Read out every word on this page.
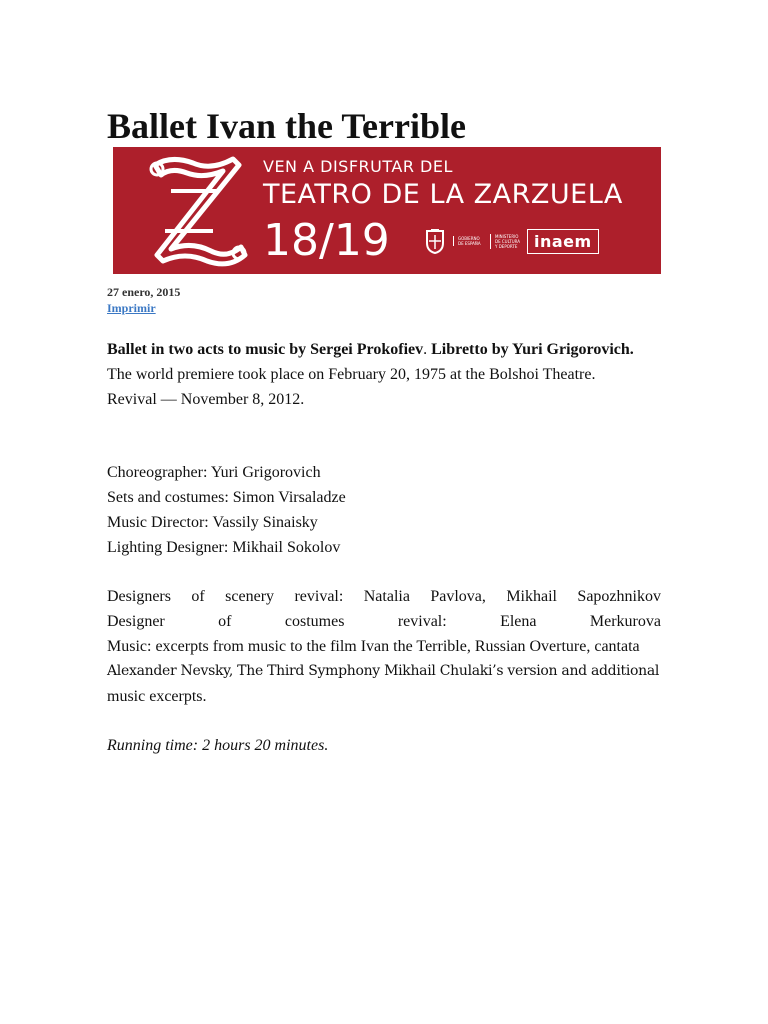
Ballet Ivan the Terrible
VEN A DISFRUTAR DEL
TEATRO DE LA ZARZUELA
18/19	GOBIERNO DE ESPAÑA
MINISTERIO DE CULTURA Y DEPORTE	inaem
27 enero, 2015
Imprimir

Ballet in two acts to music by Sergei Prokofiev. Libretto by Yuri Grigorovich.
The world premiere took place on February 20, 1975 at the Bolshoi Theatre.
Revival — November 8, 2012.

Choreographer: Yuri Grigorovich
Sets and costumes: Simon Virsaladze
Music Director: Vassily Sinaisky
Lighting Designer: Mikhail Sokolov
Designers of scenery revival: Natalia Pavlova, Mikhail Sapozhnikov
Designer	of	costumes	revival:	Elena	Merkurova
Music: excerpts from music to the film Ivan the Terrible, Russian Overture, cantata
Alexander Nevsky, The Third Symphony Mikhail Chulaki’s version and additional
music excerpts.

Running time: 2 hours 20 minutes.
